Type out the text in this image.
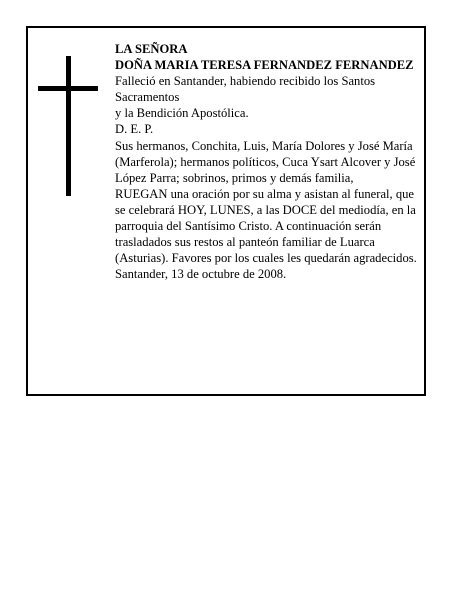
LA SEÑORA

DOÑA MARIA TERESA FERNANDEZ FERNANDEZ

Falleció en Santander, habiendo recibido los Santos Sacramentos

y la Bendición Apostólica.

D. E. P.

Sus hermanos, Conchita, Luis, María Dolores y José María (Marferola); hermanos políticos, Cuca Ysart Alcover y José López Parra; sobrinos, primos y demás familia,

RUEGAN una oración por su alma y asistan al funeral, que se celebrará HOY, LUNES, a las DOCE del mediodía, en la parroquia del Santísimo Cristo. A continuación serán trasladados sus restos al panteón familiar de Luarca (Asturias). Favores por los cuales les quedarán agradecidos.

Santander, 13 de octubre de 2008.
